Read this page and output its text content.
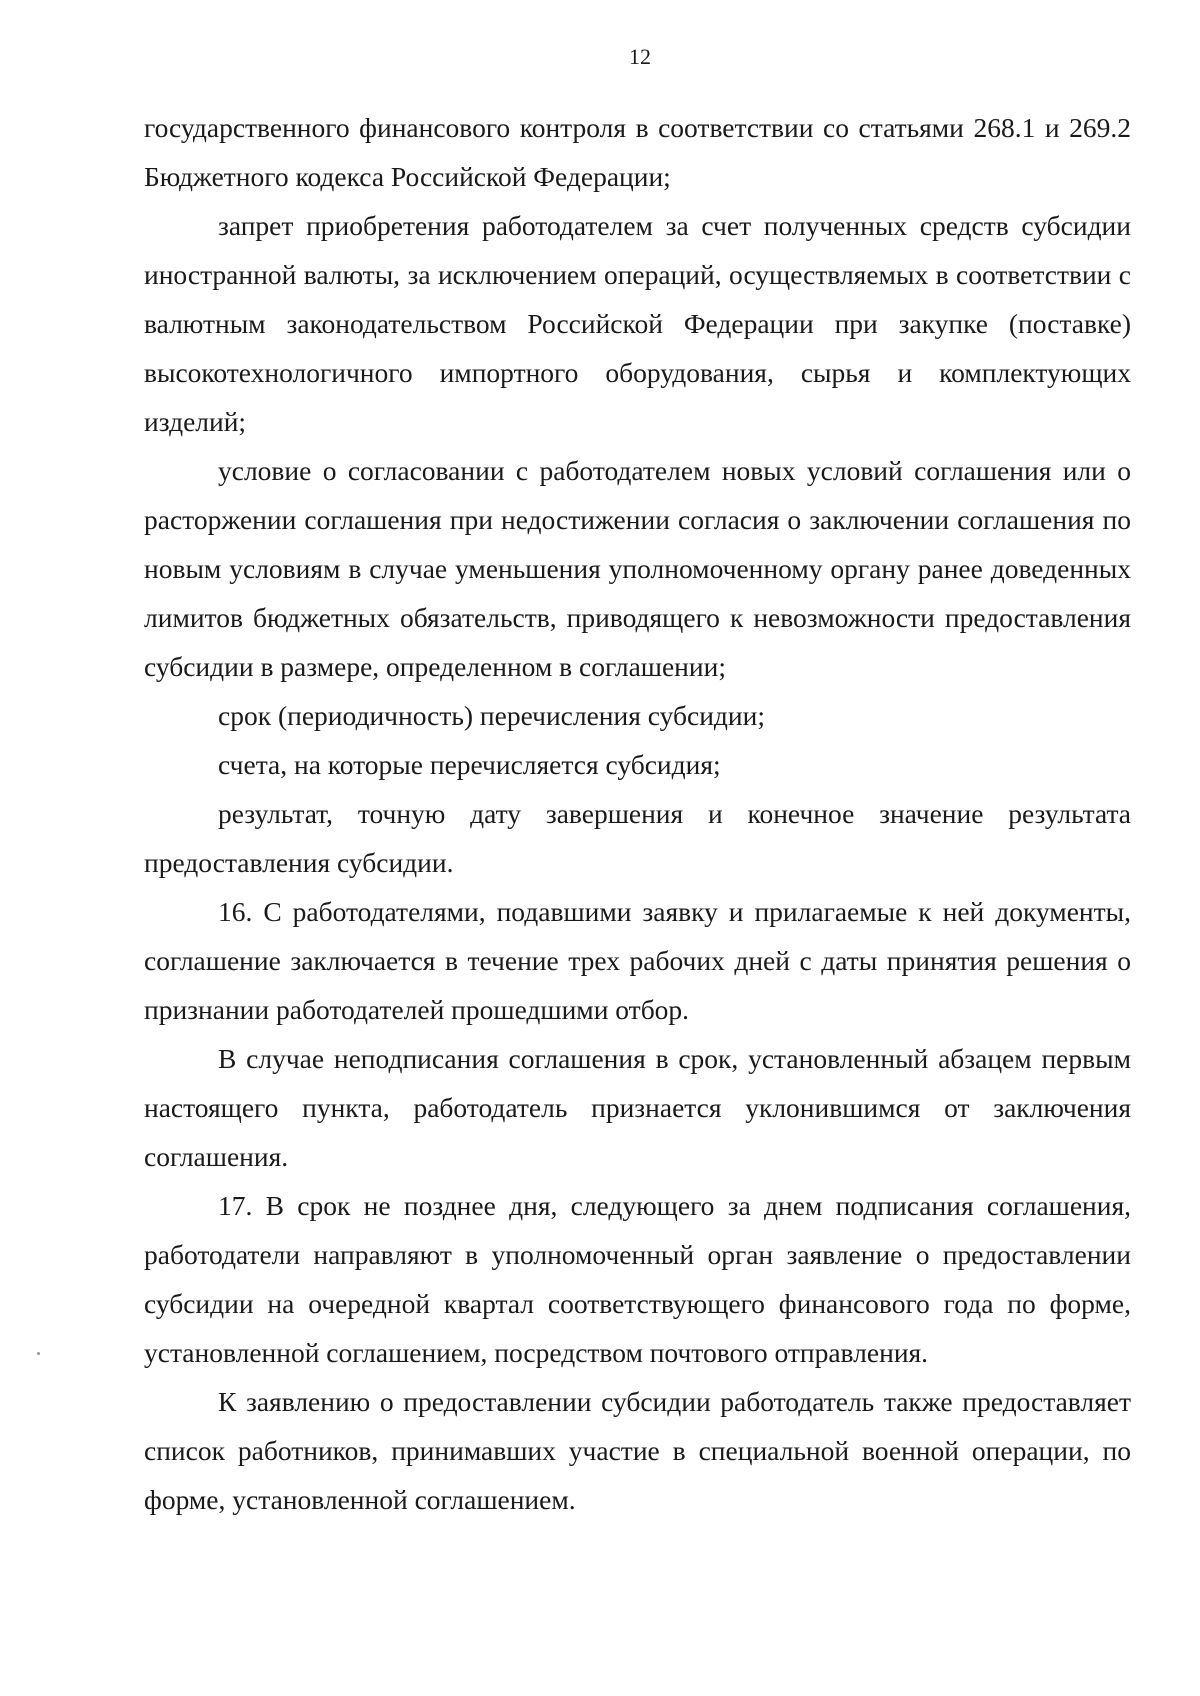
12

государственного финансового контроля в соответствии со статьями 268.1 и 269.2 Бюджетного кодекса Российской Федерации;

запрет приобретения работодателем за счет полученных средств субсидии иностранной валюты, за исключением операций, осуществляемых в соответствии с валютным законодательством Российской Федерации при закупке (поставке) высокотехнологичного импортного оборудования, сырья и комплектующих изделий;

условие о согласовании с работодателем новых условий соглашения или о расторжении соглашения при недостижении согласия о заключении соглашения по новым условиям в случае уменьшения уполномоченному органу ранее доведенных лимитов бюджетных обязательств, приводящего к невозможности предоставления субсидии в размере, определенном в соглашении;

срок (периодичность) перечисления субсидии;

счета, на которые перечисляется субсидия;

результат, точную дату завершения и конечное значение результата предоставления субсидии.

16. С работодателями, подавшими заявку и прилагаемые к ней документы, соглашение заключается в течение трех рабочих дней с даты принятия решения о признании работодателей прошедшими отбор.

В случае неподписания соглашения в срок, установленный абзацем первым настоящего пункта, работодатель признается уклонившимся от заключения соглашения.

17. В срок не позднее дня, следующего за днем подписания соглашения, работодатели направляют в уполномоченный орган заявление о предоставлении субсидии на очередной квартал соответствующего финансового года по форме, установленной соглашением, посредством почтового отправления.

К заявлению о предоставлении субсидии работодатель также предоставляет список работников, принимавших участие в специальной военной операции, по форме, установленной соглашением.
